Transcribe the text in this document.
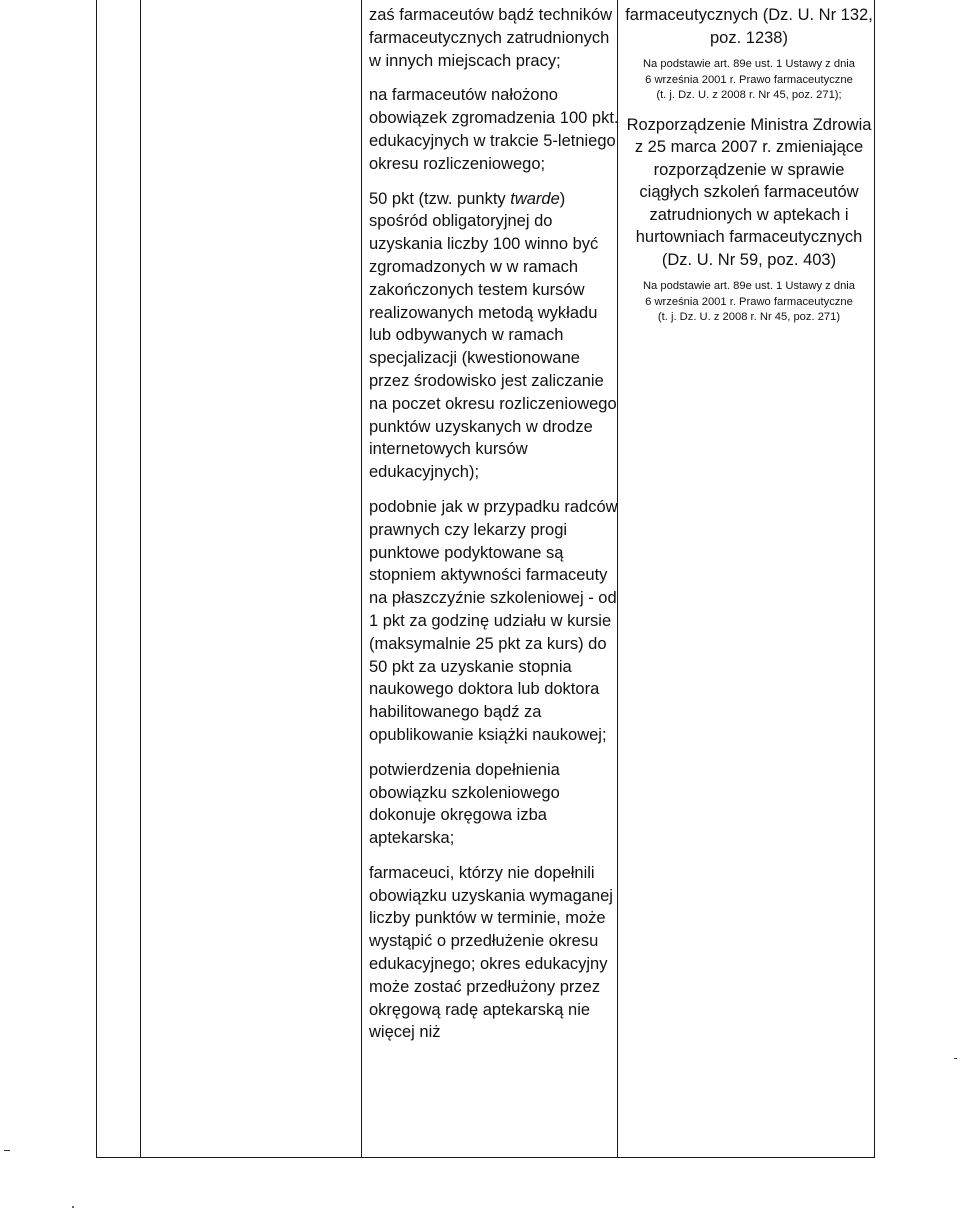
zaś farmaceutów bądź techników farmaceutycznych zatrudnionych w innych miejscach pracy;

na farmaceutów nałożono obowiązek zgromadzenia 100 pkt. edukacyjnych w trakcie 5-letniego okresu rozliczeniowego;

50 pkt (tzw. punkty twarde) spośród obligatoryjnej do uzyskania liczby 100 winno być zgromadzonych w w ramach zakończonych testem kursów realizowanych metodą wykładu lub odbywanych w ramach specjalizacji (kwestionowane przez środowisko jest zaliczanie na poczet okresu rozliczeniowego punktów uzyskanych w drodze internetowych kursów edukacyjnych);

podobnie jak w przypadku radców prawnych czy lekarzy progi punktowe podyktowane są stopniem aktywności farmaceuty na płaszczyźnie szkoleniowej - od 1 pkt za godzinę udziału w kursie (maksymalnie 25 pkt za kurs) do 50 pkt za uzyskanie stopnia naukowego doktora lub doktora habilitowanego bądź za opublikowanie książki naukowej;

potwierdzenia dopełnienia obowiązku szkoleniowego dokonuje okręgowa izba aptekarska;

farmaceuci, którzy nie dopełnili obowiązku uzyskania wymaganej liczby punktów w terminie, może wystąpić o przedłużenie okresu edukacyjnego; okres edukacyjny może zostać przedłużony przez okręgową radę aptekarską nie więcej niż

farmaceutycznych (Dz. U. Nr 132, poz. 1238)
Na podstawie art. 89e ust. 1 Ustawy z dnia
6 września 2001 r. Prawo farmaceutyczne
(t. j. Dz. U. z 2008 r. Nr 45, poz. 271);
Rozporządzenie Ministra Zdrowia z 25 marca 2007 r. zmieniające rozporządzenie w sprawie ciągłych szkoleń farmaceutów zatrudnionych w aptekach i hurtowniach farmaceutycznych (Dz. U. Nr 59, poz. 403)
Na podstawie art. 89e ust. 1 Ustawy z dnia
6 września 2001 r. Prawo farmaceutyczne
(t. j. Dz. U. z 2008 r. Nr 45, poz. 271)
